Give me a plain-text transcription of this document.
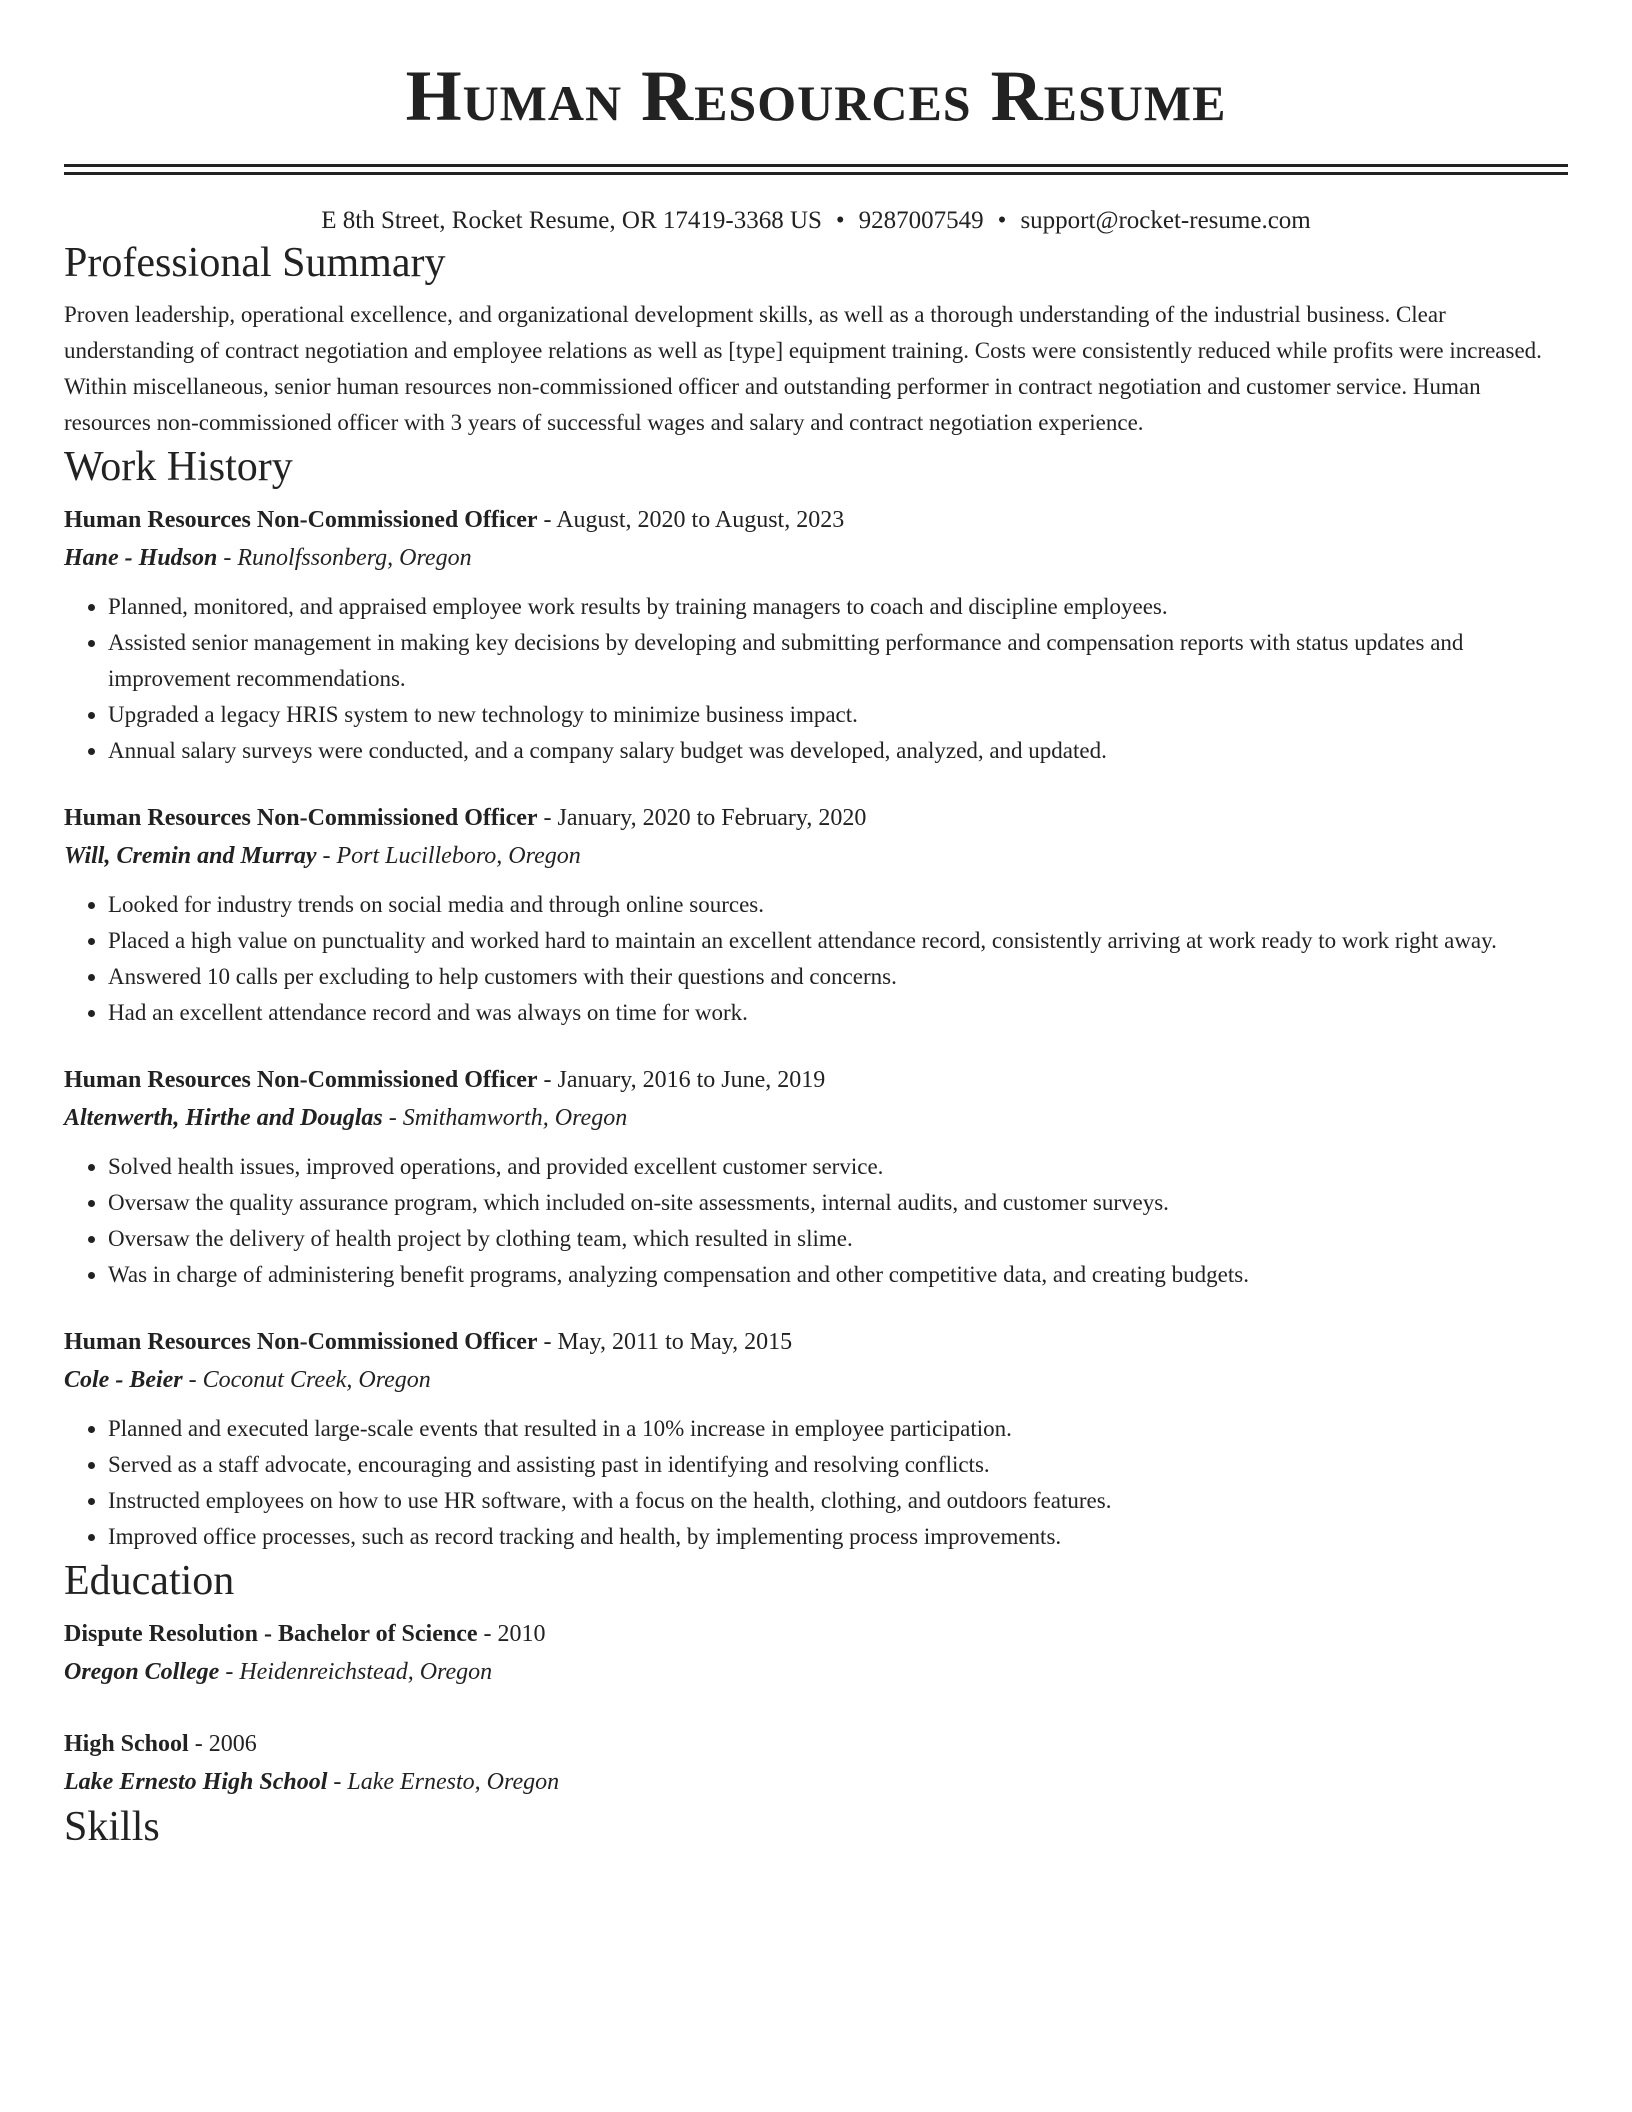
Human Resources Resume
E 8th Street, Rocket Resume, OR 17419-3368 US • 9287007549 • support@rocket-resume.com
Professional Summary
Proven leadership, operational excellence, and organizational development skills, as well as a thorough understanding of the industrial business. Clear understanding of contract negotiation and employee relations as well as [type] equipment training. Costs were consistently reduced while profits were increased. Within miscellaneous, senior human resources non-commissioned officer and outstanding performer in contract negotiation and customer service. Human resources non-commissioned officer with 3 years of successful wages and salary and contract negotiation experience.
Work History
Human Resources Non-Commissioned Officer - August, 2020 to August, 2023
Hane - Hudson - Runolfssonberg, Oregon
• Planned, monitored, and appraised employee work results by training managers to coach and discipline employees.
• Assisted senior management in making key decisions by developing and submitting performance and compensation reports with status updates and improvement recommendations.
• Upgraded a legacy HRIS system to new technology to minimize business impact.
• Annual salary surveys were conducted, and a company salary budget was developed, analyzed, and updated.
Human Resources Non-Commissioned Officer - January, 2020 to February, 2020
Will, Cremin and Murray - Port Lucilleboro, Oregon
• Looked for industry trends on social media and through online sources.
• Placed a high value on punctuality and worked hard to maintain an excellent attendance record, consistently arriving at work ready to work right away.
• Answered 10 calls per excluding to help customers with their questions and concerns.
• Had an excellent attendance record and was always on time for work.
Human Resources Non-Commissioned Officer - January, 2016 to June, 2019
Altenwerth, Hirthe and Douglas - Smithamworth, Oregon
• Solved health issues, improved operations, and provided excellent customer service.
• Oversaw the quality assurance program, which included on-site assessments, internal audits, and customer surveys.
• Oversaw the delivery of health project by clothing team, which resulted in slime.
• Was in charge of administering benefit programs, analyzing compensation and other competitive data, and creating budgets.
Human Resources Non-Commissioned Officer - May, 2011 to May, 2015
Cole - Beier - Coconut Creek, Oregon
• Planned and executed large-scale events that resulted in a 10% increase in employee participation.
• Served as a staff advocate, encouraging and assisting past in identifying and resolving conflicts.
• Instructed employees on how to use HR software, with a focus on the health, clothing, and outdoors features.
• Improved office processes, such as record tracking and health, by implementing process improvements.
Education
Dispute Resolution - Bachelor of Science - 2010
Oregon College - Heidenreichstead, Oregon
High School - 2006
Lake Ernesto High School - Lake Ernesto, Oregon
Skills
